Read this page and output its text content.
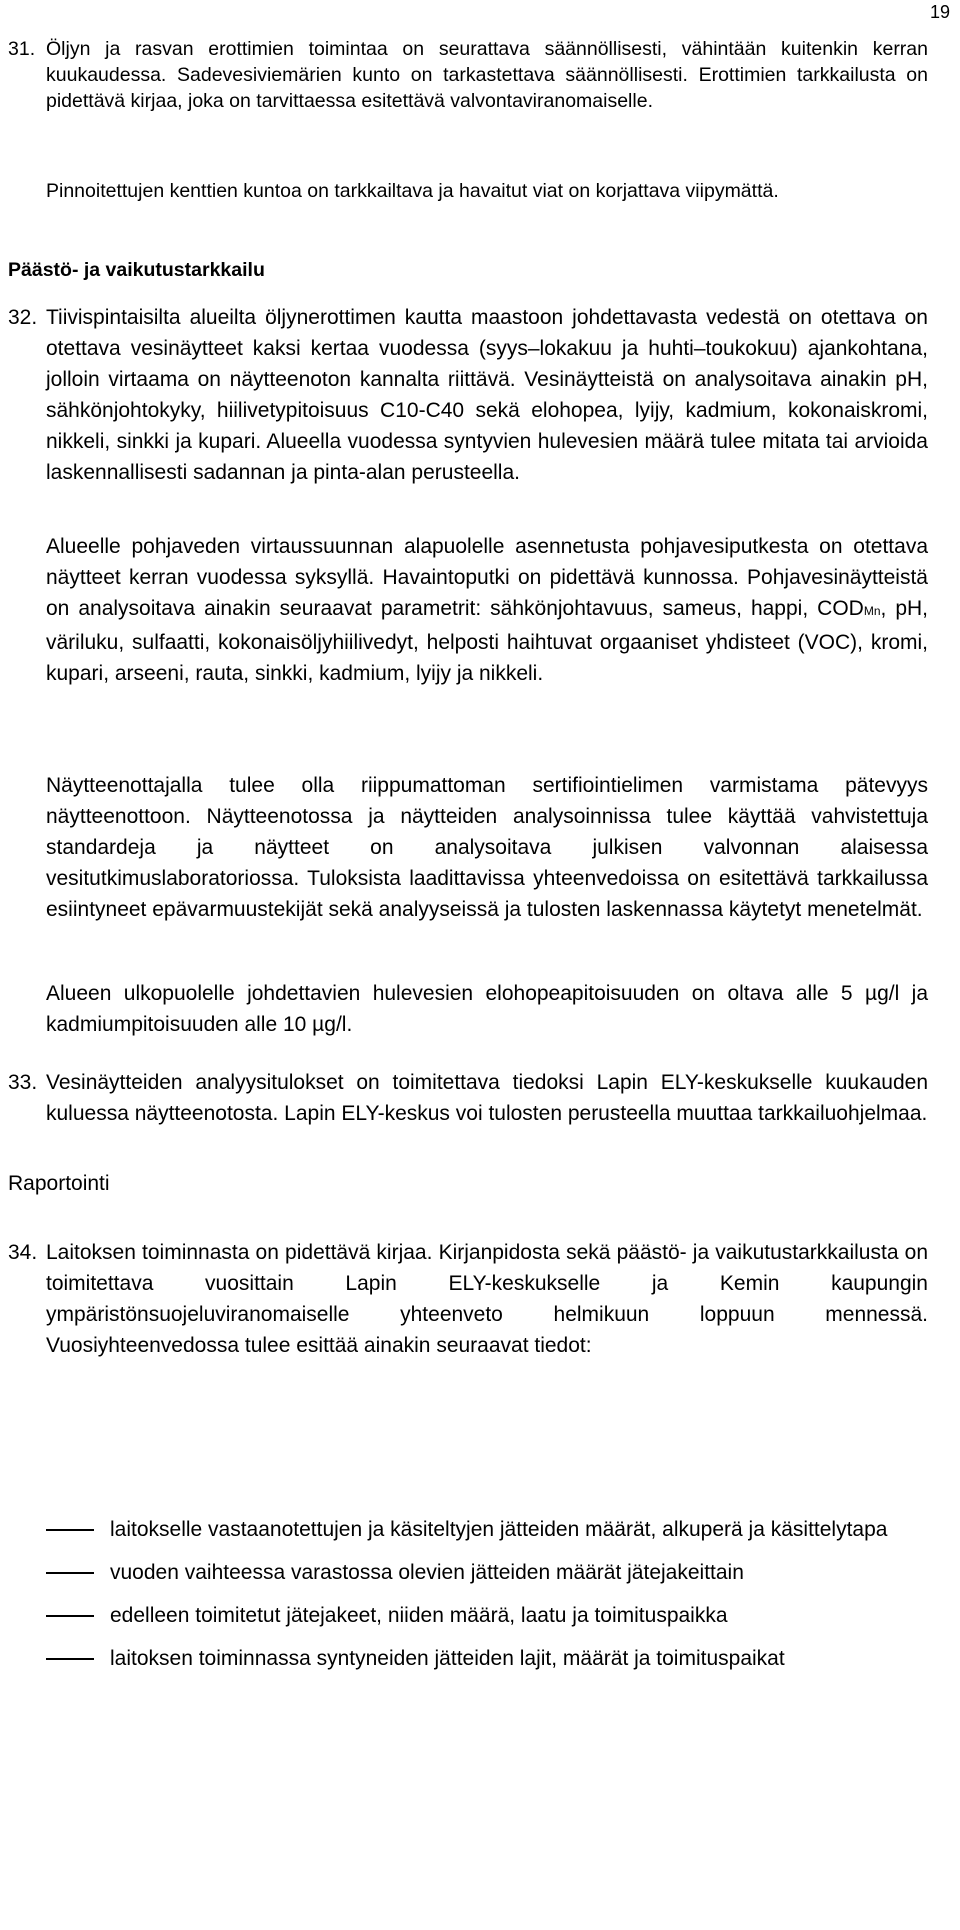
19
31. Öljyn ja rasvan erottimien toimintaa on seurattava säännöllisesti, vähintään kuitenkin kerran kuukaudessa. Sadevesiviemärien kunto on tarkastettava säännöllisesti. Erottimien tarkkailusta on pidettävä kirjaa, joka on tarvittaessa esitettävä valvontaviranomaiselle.
Pinnoitettujen kenttien kuntoa on tarkkailtava ja havaitut viat on korjattava viipymättä.
Päästö- ja vaikutustarkkailu
32. Tiivispintaisilta alueilta öljynerottimen kautta maastoon johdettavasta vedestä on otettava on otettava vesinäytteet kaksi kertaa vuodessa (syys–lokakuu ja huhti–toukokuu) ajankohtana, jolloin virtaama on näytteenoton kannalta riittävä. Vesinäytteistä on analysoitava ainakin pH, sähkönjohtokyky, hiilivetypitoisuus C10-C40 sekä elohopea, lyijy, kadmium, kokonaiskromi, nikkeli, sinkki ja kupari. Alueella vuodessa syntyvien hulevesien määrä tulee mitata tai arvioida laskennallisesti sadannan ja pinta-alan perusteella.
Alueelle pohjaveden virtaussuunnan alapuolelle asennetusta pohjavesiputkesta on otettava näytteet kerran vuodessa syksyllä. Havaintoputki on pidettävä kunnossa. Pohjavesinäytteistä on analysoitava ainakin seuraavat parametrit: sähkönjohtavuus, sameus, happi, CODMn, pH, väriluku, sulfaatti, kokonaisöljyhiilivedyt, helposti haihtuvat orgaaniset yhdisteet (VOC), kromi, kupari, arseeni, rauta, sinkki, kadmium, lyijy ja nikkeli.
Näytteenottajalla tulee olla riippumattoman sertifiointielimen varmistama pätevyys näytteenottoon. Näytteenotossa ja näytteiden analysoinnissa tulee käyttää vahvistettuja standardeja ja näytteet on analysoitava julkisen valvonnan alaisessa vesitutkimuslaboratoriossa. Tuloksista laadittavissa yhteenvedoissa on esitettävä tarkkailussa esiintyneet epävarmuustekijät sekä analyyseissä ja tulosten laskennassa käytetyt menetelmät.
Alueen ulkopuolelle johdettavien hulevesien elohopeapitoisuuden on oltava alle 5 µg/l ja kadmiumpitoisuuden alle 10 µg/l.
33. Vesinäytteiden analyysitulokset on toimitettava tiedoksi Lapin ELY-keskukselle kuukauden kuluessa näytteenotosta. Lapin ELY-keskus voi tulosten perusteella muuttaa tarkkailuohjelmaa.
Raportointi
34. Laitoksen toiminnasta on pidettävä kirjaa. Kirjanpidosta sekä päästö- ja vaikutustarkkailusta on toimitettava vuosittain Lapin ELY-keskukselle ja Kemin kaupungin ympäristönsuojeluviranomaiselle yhteenveto helmikuun loppuun mennessä. Vuosiyhteenvedossa tulee esittää ainakin seuraavat tiedot:
laitokselle vastaanotettujen ja käsiteltyjen jätteiden määrät, alkuperä ja käsittelytapa
vuoden vaihteessa varastossa olevien jätteiden määrät jätejakeittain
edelleen toimitetut jätejakeet, niiden määrä, laatu ja toimituspaikka
laitoksen toiminnassa syntyneiden jätteiden lajit, määrät ja toimituspaikat
